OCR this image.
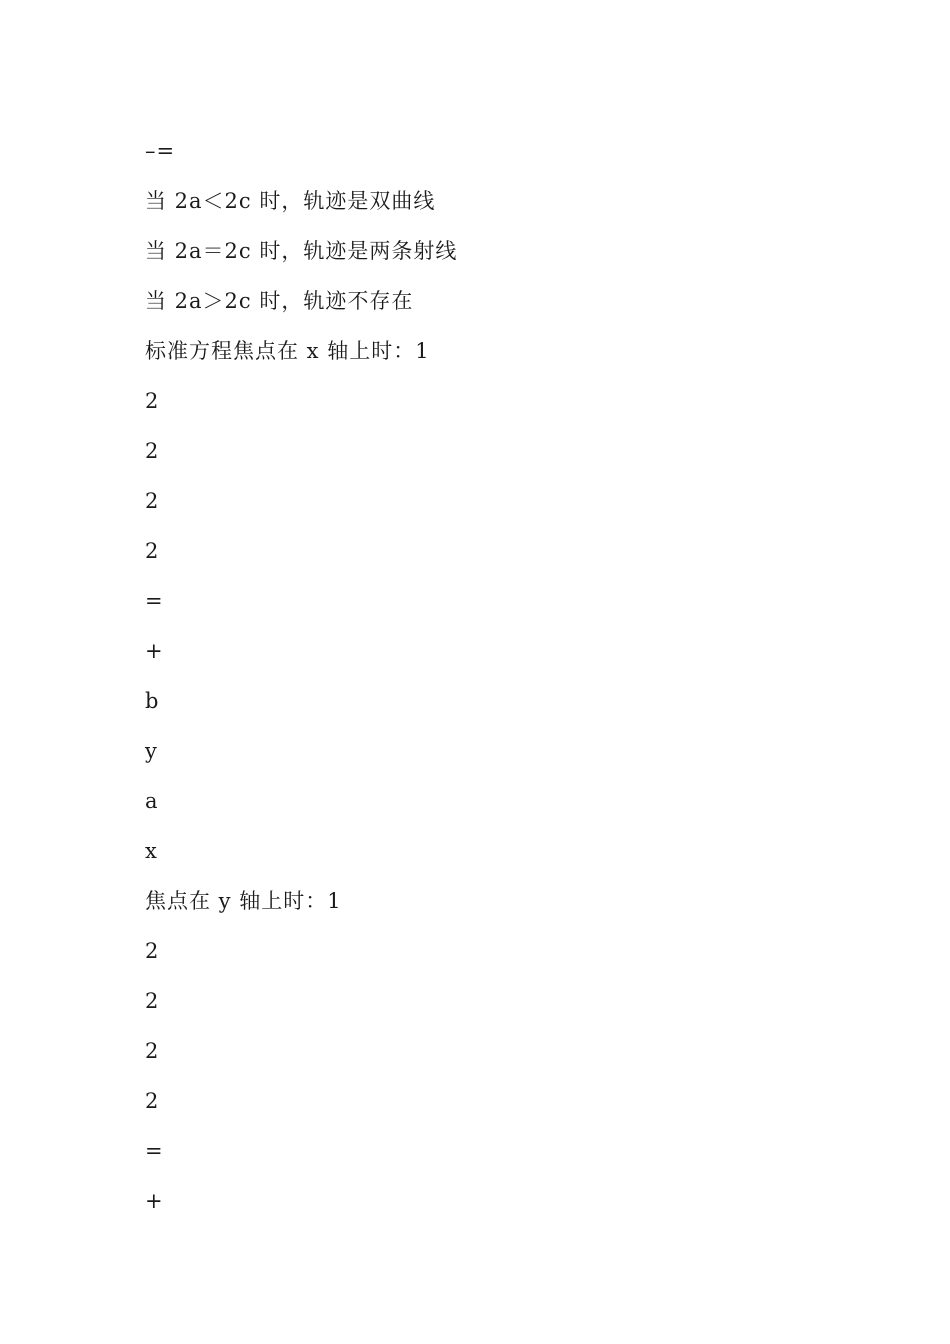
–=
当 2a＜2c 时，轨迹是双曲线
当 2a＝2c 时，轨迹是两条射线
当 2a＞2c 时，轨迹不存在
标准方程焦点在 x 轴上时：1
2
2
2
2
=
+
b
y
a
x
焦点在 y 轴上时：1
2
2
2
2
=
+
